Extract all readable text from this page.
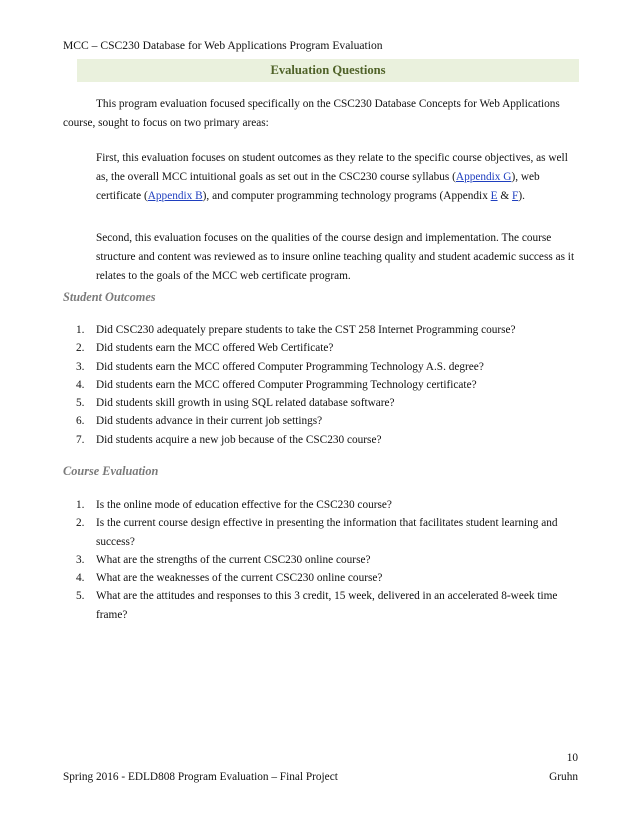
MCC – CSC230 Database for Web Applications Program Evaluation
Evaluation Questions
This program evaluation focused specifically on the CSC230 Database Concepts for Web Applications course, sought to focus on two primary areas:
First, this evaluation focuses on student outcomes as they relate to the specific course objectives, as well as, the overall MCC intuitional goals as set out in the CSC230 course syllabus (Appendix G), web certificate (Appendix B), and computer programming technology programs (Appendix E & F).
Second, this evaluation focuses on the qualities of the course design and implementation. The course structure and content was reviewed as to insure online teaching quality and student academic success as it relates to the goals of the MCC web certificate program.
Student Outcomes
1. Did CSC230 adequately prepare students to take the CST 258 Internet Programming course?
2. Did students earn the MCC offered Web Certificate?
3. Did students earn the MCC offered Computer Programming Technology A.S. degree?
4. Did students earn the MCC offered Computer Programming Technology certificate?
5. Did students skill growth in using SQL related database software?
6. Did students advance in their current job settings?
7. Did students acquire a new job because of the CSC230 course?
Course Evaluation
1. Is the online mode of education effective for the CSC230 course?
2. Is the current course design effective in presenting the information that facilitates student learning and success?
3. What are the strengths of the current CSC230 online course?
4. What are the weaknesses of the current CSC230 online course?
5. What are the attitudes and responses to this 3 credit, 15 week, delivered in an accelerated 8-week time frame?
10
Spring 2016 - EDLD808 Program Evaluation – Final Project	Gruhn
